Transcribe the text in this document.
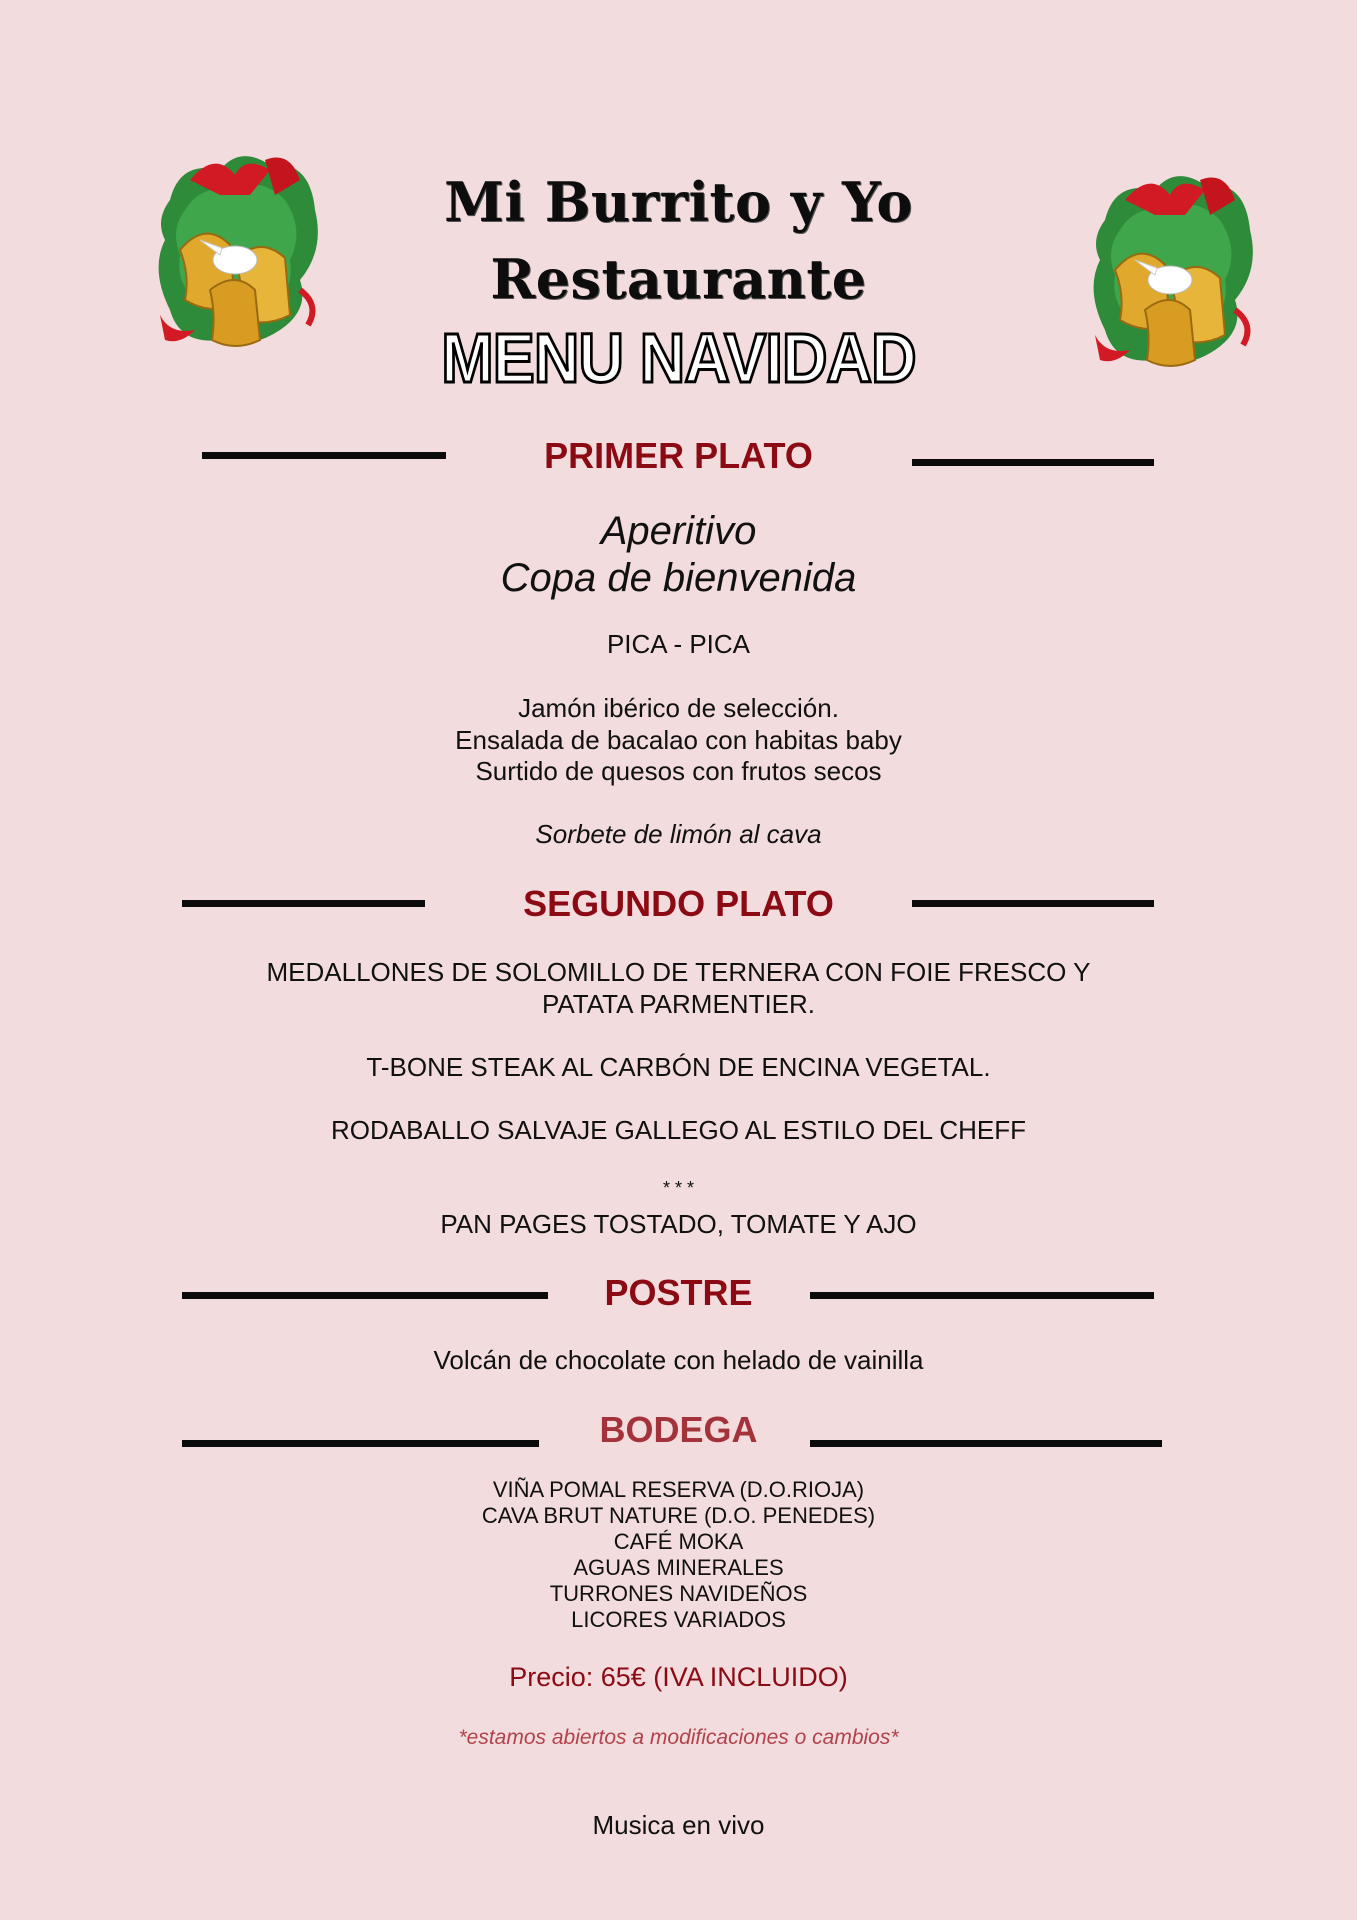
Mi Burrito y Yo
Restaurante
MENU NAVIDAD
PRIMER PLATO
Aperitivo
Copa de bienvenida
PICA - PICA
Jamón ibérico de selección.
Ensalada de bacalao con habitas baby
Surtido de quesos con frutos secos
Sorbete de limón al cava
SEGUNDO PLATO
MEDALLONES DE SOLOMILLO DE TERNERA CON FOIE FRESCO Y
PATATA PARMENTIER.
T-BONE STEAK AL CARBÓN DE ENCINA VEGETAL.
RODABALLO SALVAJE GALLEGO AL ESTILO DEL CHEFF
* * *
PAN PAGES TOSTADO, TOMATE Y AJO
POSTRE
Volcán de chocolate con helado de vainilla
BODEGA
VIÑA POMAL RESERVA (D.O.RIOJA)
CAVA BRUT NATURE (D.O. PENEDES)
CAFÉ MOKA
AGUAS MINERALES
TURRONES NAVIDEÑOS
LICORES VARIADOS
Precio: 65€ (IVA INCLUIDO)
*estamos abiertos a modificaciones o cambios*
Musica en vivo
